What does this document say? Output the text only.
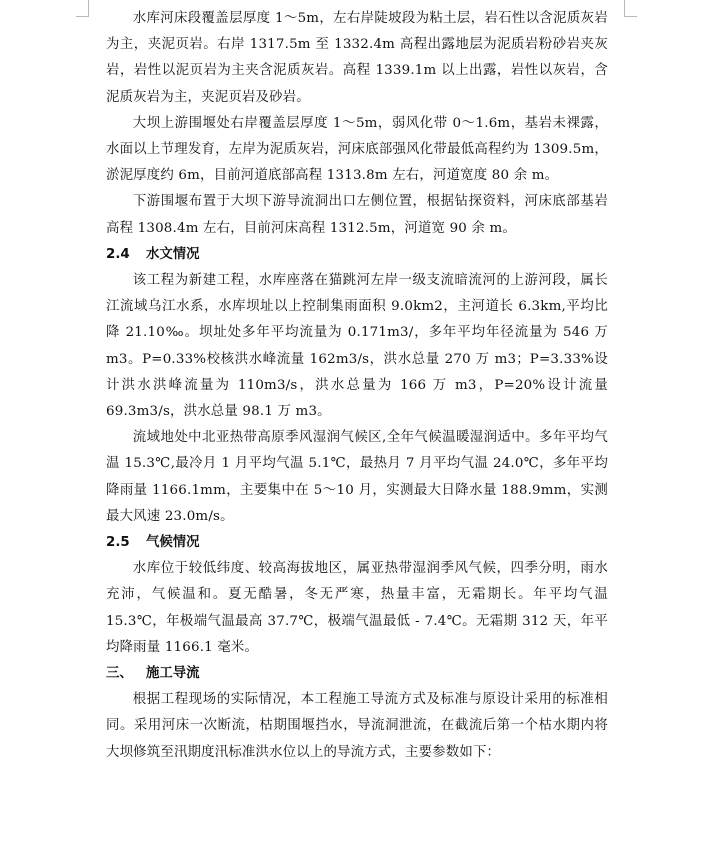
水库河床段覆盖层厚度 1～5m，左右岸陡坡段为粘土层，岩石性以含泥质灰岩为主，夹泥页岩。右岸 1317.5m 至 1332.4m 高程出露地层为泥质岩粉砂岩夹灰岩，岩性以泥页岩为主夹含泥质灰岩。高程 1339.1m 以上出露，岩性以灰岩，含泥质灰岩为主，夹泥页岩及砂岩。

大坝上游围堰处右岸覆盖层厚度 1～5m，弱风化带 0～1.6m，基岩未裸露，水面以上节理发育，左岸为泥质灰岩，河床底部强风化带最低高程约为 1309.5m，淤泥厚度约 6m，目前河道底部高程 1313.8m 左右，河道宽度 80 余 m。

下游围堰布置于大坝下游导流洞出口左侧位置，根据钻探资料，河床底部基岩高程 1308.4m 左右，目前河床高程 1312.5m，河道宽 90 余 m。

2.4 水文情况

该工程为新建工程，水库座落在猫跳河左岸一级支流暗流河的上游河段，属长江流域乌江水系，水库坝址以上控制集雨面积 9.0km2，主河道长 6.3km,平均比降 21.10‰。坝址处多年平均流量为 0.171m3/，多年平均年径流量为 546 万 m3。P=0.33%校核洪水峰流量 162m3/s，洪水总量 270 万 m3；P=3.33%设计洪水洪峰流量为 110m3/s，洪水总量为 166 万 m3，P=20%设计流量 69.3m3/s，洪水总量 98.1 万 m3。

流域地处中北亚热带高原季风湿润气候区,全年气候温暖湿润适中。多年平均气温 15.3℃,最冷月 1 月平均气温 5.1℃，最热月 7 月平均气温 24.0℃，多年平均降雨量 1166.1mm，主要集中在 5～10 月，实测最大日降水量 188.9mm，实测最大风速 23.0m/s。

2.5 气候情况

水库位于较低纬度、较高海拔地区，属亚热带湿润季风气候，四季分明，雨水充沛，气候温和。夏无酷暑，冬无严寒，热量丰富，无霜期长。年平均气温 15.3℃，年极端气温最高 37.7℃，极端气温最低 - 7.4℃。无霜期 312 天，年平均降雨量 1166.1 毫米。

三、 施工导流

根据工程现场的实际情况，本工程施工导流方式及标准与原设计采用的标准相同。采用河床一次断流，枯期围堰挡水，导流洞泄流，在截流后第一个枯水期内将大坝修筑至汛期度汛标准洪水位以上的导流方式，主要参数如下：
